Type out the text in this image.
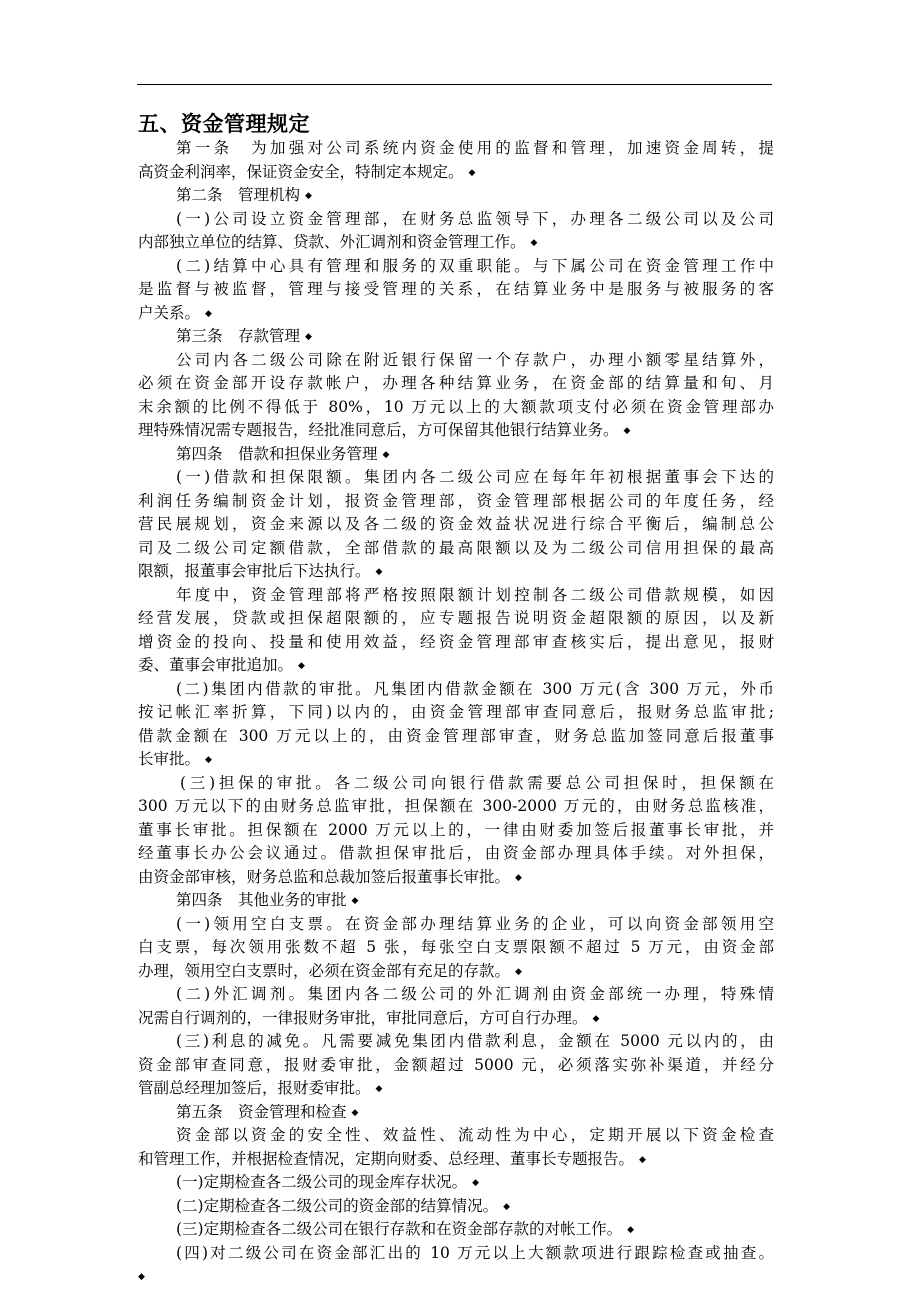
五、资金管理规定
第一条　为加强对公司系统内资金使用的监督和管理，加速资金周转，提
高资金利润率，保证资金安全，特制定本规定。 ◆
第二条　管理机构 ◆
(一)公司设立资金管理部，在财务总监领导下，办理各二级公司以及公司
内部独立单位的结算、贷款、外汇调剂和资金管理工作。 ◆
(二)结算中心具有管理和服务的双重职能。与下属公司在资金管理工作中
是监督与被监督，管理与接受管理的关系，在结算业务中是服务与被服务的客
户关系。 ◆
第三条　存款管理 ◆
公司内各二级公司除在附近银行保留一个存款户，办理小额零星结算外，
必须在资金部开设存款帐户，办理各种结算业务，在资金部的结算量和旬、月
末余额的比例不得低于 80%，10 万元以上的大额款项支付必须在资金管理部办
理特殊情况需专题报告，经批准同意后，方可保留其他银行结算业务。 ◆
第四条　借款和担保业务管理 ◆
(一)借款和担保限额。集团内各二级公司应在每年年初根据董事会下达的
利润任务编制资金计划，报资金管理部，资金管理部根据公司的年度任务，经
营民展规划，资金来源以及各二级的资金效益状况进行综合平衡后，编制总公
司及二级公司定额借款，全部借款的最高限额以及为二级公司信用担保的最高
限额，报董事会审批后下达执行。 ◆
年度中，资金管理部将严格按照限额计划控制各二级公司借款规模，如因
经营发展，贷款或担保超限额的，应专题报告说明资金超限额的原因，以及新
增资金的投向、投量和使用效益，经资金管理部审查核实后，提出意见，报财
委、董事会审批追加。 ◆
(二)集团内借款的审批。凡集团内借款金额在 300 万元(含 300 万元，外币
按记帐汇率折算，下同)以内的，由资金管理部审查同意后，报财务总监审批;
借款金额在 300 万元以上的，由资金管理部审查，财务总监加签同意后报董事
长审批。 ◆
(三)担保的审批。各二级公司向银行借款需要总公司担保时，担保额在
300 万元以下的由财务总监审批，担保额在 300-2000 万元的，由财务总监核准，
董事长审批。担保额在 2000 万元以上的，一律由财委加签后报董事长审批，并
经董事长办公会议通过。借款担保审批后，由资金部办理具体手续。对外担保，
由资金部审核，财务总监和总裁加签后报董事长审批。 ◆
第四条　其他业务的审批 ◆
(一)领用空白支票。在资金部办理结算业务的企业，可以向资金部领用空
白支票，每次领用张数不超 5 张，每张空白支票限额不超过 5 万元，由资金部
办理，领用空白支票时，必须在资金部有充足的存款。 ◆
(二)外汇调剂。集团内各二级公司的外汇调剂由资金部统一办理，特殊情
况需自行调剂的，一律报财务审批，审批同意后，方可自行办理。 ◆
(三)利息的减免。凡需要减免集团内借款利息，金额在 5000 元以内的，由
资金部审查同意，报财委审批，金额超过 5000 元，必须落实弥补渠道，并经分
管副总经理加签后，报财委审批。 ◆
第五条　资金管理和检查 ◆
资金部以资金的安全性、效益性、流动性为中心，定期开展以下资金检查
和管理工作，并根据检查情况，定期向财委、总经理、董事长专题报告。 ◆
(一)定期检查各二级公司的现金库存状况。 ◆
(二)定期检查各二级公司的资金部的结算情况。 ◆
(三)定期检查各二级公司在银行存款和在资金部存款的对帐工作。 ◆
(四)对二级公司在资金部汇出的 10 万元以上大额款项进行跟踪检查或抽查。
◆
